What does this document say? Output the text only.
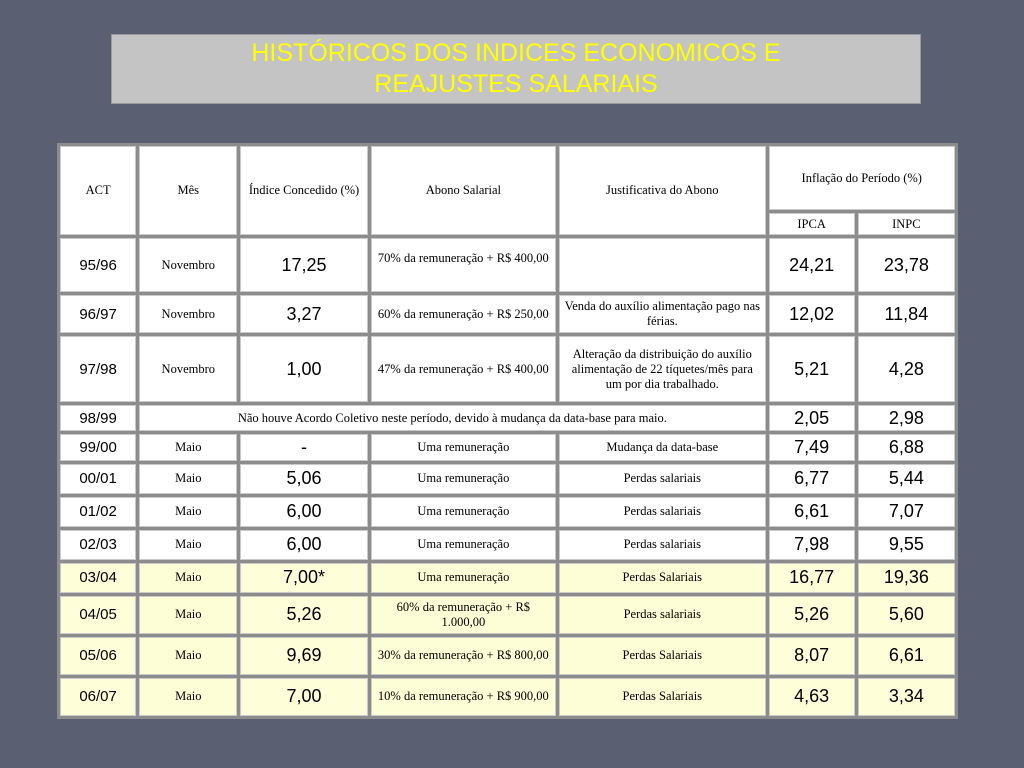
HISTÓRICOS DOS INDICES ECONOMICOS E
REAJUSTES SALARIAIS
ACT	Mês	Índice Concedido (%)	Abono Salarial	Justificativa do Abono	Inflação do Período (%)	
					IPCA	INPC
95/96	Novembro	17,25	70% da remuneração + R$ 400,00		24,21	23,78
96/97	Novembro	3,27	60% da remuneração + R$ 250,00	Venda do auxílio alimentação pago nas férias.	12,02	11,84
97/98	Novembro	1,00	47% da remuneração + R$ 400,00	Alteração da distribuição do auxílio alimentação de 22 tíquetes/mês para um por dia trabalhado.	5,21	4,28
98/99	Não houve Acordo Coletivo neste período, devido à mudança da data-base para maio.				2,05	2,98
99/00	Maio	-	Uma remuneração	Mudança da data-base	7,49	6,88
00/01	Maio	5,06	Uma remuneração	Perdas salariais	6,77	5,44
01/02	Maio	6,00	Uma remuneração	Perdas salariais	6,61	7,07
02/03	Maio	6,00	Uma remuneração	Perdas salariais	7,98	9,55
03/04	Maio	7,00*	Uma remuneração	Perdas Salariais	16,77	19,36
04/05	Maio	5,26	60% da remuneração + R$ 1.000,00	Perdas salariais	5,26	5,60
05/06	Maio	9,69	30% da remuneração + R$ 800,00	Perdas Salariais	8,07	6,61
06/07	Maio	7,00	10% da remuneração + R$ 900,00	Perdas Salariais	4,63	3,34
